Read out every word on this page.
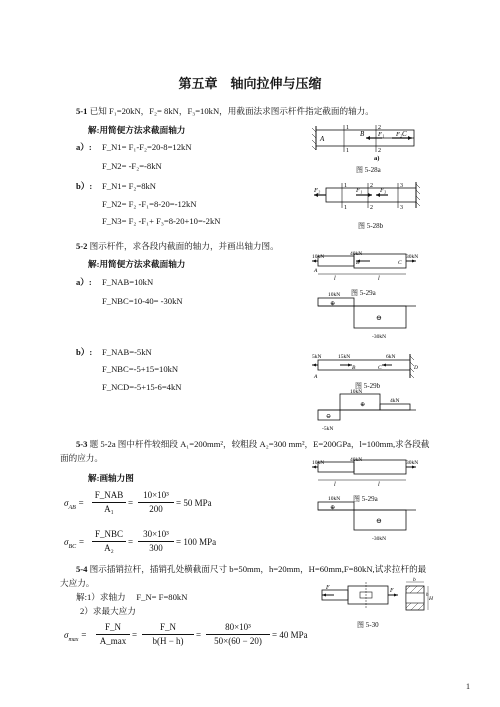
第五章　轴向拉伸与压缩
5-1 已知 F₁=20kN，F₂= 8kN，F₃=10kN，用截面法求图示杆件指定截面的轴力。
解:用简便方法求截面轴力
a）: F_N1= F₁-F₂=20-8=12kN
F_N2= -F₂=-8kN	图 5-28a
b）: F_N1= F₂=8kN
F_N2= F₂ -F₁=8-20=-12kN
F_N3= F₂ -F₁+ F₃=8-20+10=-2kN	图 5-28b
A
B	C
F₁ F₂
1	2
1	2
a)
F₂	F₁	F₃
1	2	3
1	2	3
5-2 图示杆件，求各段内截面的轴力，并画出轴力图。
解:用简便方法求截面轴力
a）: F_NAB=10kN
F_NBC=10-40= -30kN
图 5-29a
10kN	40kN	30kN
A
B	C
l	l
10kN
⊕
⊖
-30kN
b）: F_NAB=-5kN
F_NBC=-5+15=10kN
F_NCD=-5+15-6=4kN	图 5-29b
5kN	15kN	6kN
A
B	C	D
10kN
4kN
⊕
⊖
-5kN
5-3 题 5-2a 图中杆件较细段 A₁=200mm²，较粗段 A₂=300 mm²，E=200GPa，l=100mm,求各段截
面的应力。
解:画轴力图
图 5-29a
10kN	40kN	30kN
l	l
10kN
⊕
⊖
-30kN
$\sigma_{AB}$ =
F_NAB
A₁
=
10×10³
200
= 50 MPa
$\sigma_{BC}$ =
F_NBC
A₂
=
30×10³
300
= 100 MPa
5-4 图示插销拉杆，插销孔处横截面尺寸 b=50mm，h=20mm，H=60mm,F=80kN,试求拉杆的最
大应力。
解:1）求轴力　 F_N= F=80kN
2）求最大应力
$\sigma_{max}$ =
F_N
A_max
=
F_N
b(H − h)
=
80×10³
50×(60 − 20)
= 40 MPa
图 5-30
F	F
b
H
h
1
